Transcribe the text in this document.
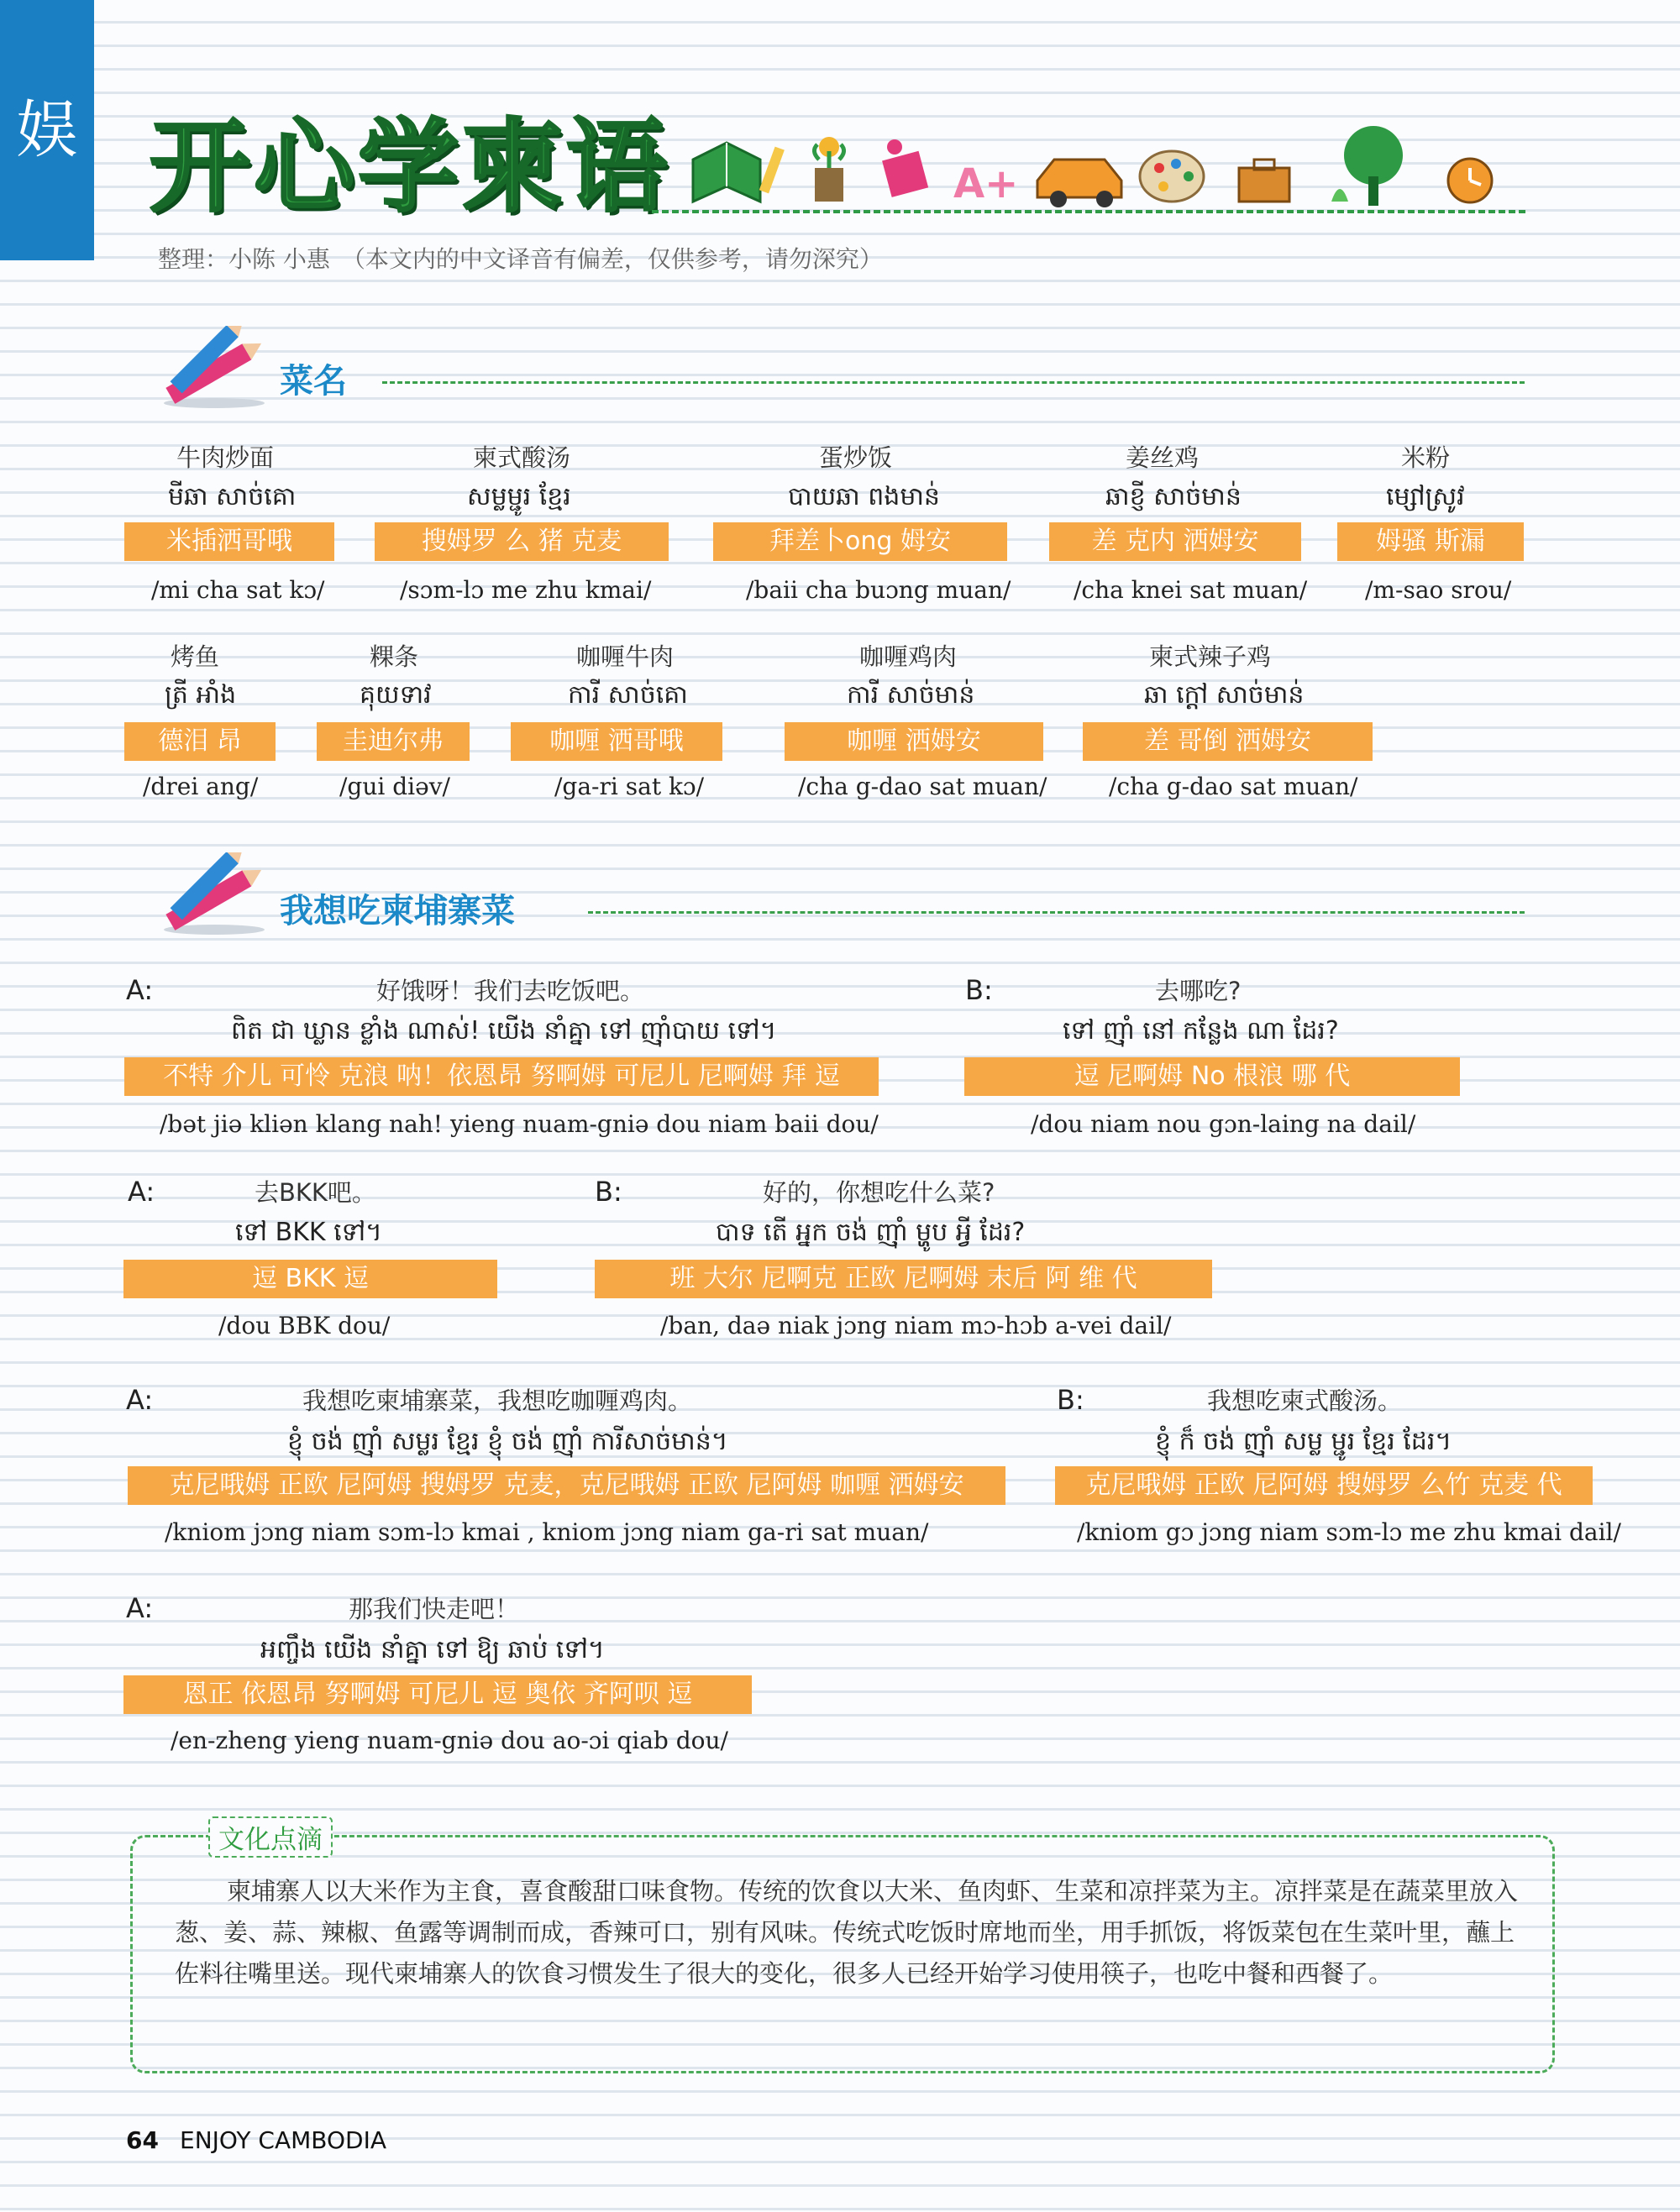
娱 开心学柬语	A+
整理：小陈 小惠　（本文内的中文译音有偏差，仅供参考，请勿深究）
菜名
牛肉炒面
មីឆា សាច់គោ
米插洒哥哦
/mi cha sat kɔ/
柬式酸汤
សម្លម្ជូរ ខ្មែរ
搜姆罗 么 猪 克麦
/sɔm-lɔ me zhu kmai/
蛋炒饭
បាយឆា ពងមាន់
拜差卜ong 姆安
/baii cha buɔng muan/
姜丝鸡
ឆាខ្ញី សាច់មាន់
差 克内 洒姆安
/cha knei sat muan/
米粉
ម្សៅស្រូវ
姆骚 斯漏
/m-sao srou/
烤鱼
ត្រី អាំង
德泪 昂
/drei ang/
粿条
គុយទាវ
圭迪尔弗
/gui diəv/
咖喱牛肉
ការី សាច់គោ
咖喱 洒哥哦
/ga-ri sat kɔ/
咖喱鸡肉
ការី សាច់មាន់
咖喱 洒姆安
/cha g-dao sat muan/
柬式辣子鸡
ឆា ក្តៅ សាច់មាន់
差 哥倒 洒姆安
/cha g-dao sat muan/
我想吃柬埔寨菜
A:	好饿呀！我们去吃饭吧。
ពិត ជា ឃ្លាន ខ្លាំង ណាស់! យើង នាំគ្នា ទៅ ញ៉ាំបាយ ទៅ។
不特 介儿 可怜 克浪 呐！依恩昂 努啊姆 可尼儿 尼啊姆 拜 逗
/bət jiə kliən klang nah! yieng nuam-gniə dou niam baii dou/
B:	去哪吃?
ទៅ ញ៉ាំ នៅ កន្លែង ណា ដែរ?
逗 尼啊姆 No 根浪 哪 代
/dou niam nou gɔn-laing na dail/
A:	去BKK吧。
ទៅ BKK ទៅ។
逗 BKK 逗
/dou BBK dou/
B:	好的，你想吃什么菜?
បាទ តើ អ្នក ចង់ ញ៉ាំ ម្ហូប អ្វី ដែរ?
班 大尔 尼啊克 正欧 尼啊姆 末后 阿 维 代
/ban, daə niak jɔng niam mɔ-hɔb a-vei dail/
A:	我想吃柬埔寨菜，我想吃咖喱鸡肉。
ខ្ញុំ ចង់ ញ៉ាំ សម្លរ ខ្មែរ ខ្ញុំ ចង់ ញ៉ាំ ការីសាច់មាន់។
克尼哦姆 正欧 尼阿姆 搜姆罗 克麦，克尼哦姆 正欧 尼阿姆 咖喱 洒姆安
/kniom jɔng niam sɔm-lɔ kmai , kniom jɔng niam ga-ri sat muan/
B:	我想吃柬式酸汤。
ខ្ញុំ ក៏ ចង់ ញ៉ាំ សម្ល ម្ជូរ ខ្មែរ ដែរ។
克尼哦姆 正欧 尼阿姆 搜姆罗 么竹 克麦 代
/kniom gɔ jɔng niam sɔm-lɔ me zhu kmai dail/
A:	那我们快走吧！
អញ្ចឹង យើង នាំគ្នា ទៅ ឱ្យ ឆាប់ ទៅ។
恩正 依恩昂 努啊姆 可尼儿 逗 奥依 齐阿呗 逗
/en-zheng yieng nuam-gniə dou ao-ɔi qiab dou/
文化点滴
柬埔寨人以大米作为主食，喜食酸甜口味食物。传统的饮食以大米、鱼肉虾、生菜和凉拌菜为主。凉拌菜是在蔬菜里放入葱、姜、蒜、辣椒、鱼露等调制而成，香辣可口，别有风味。传统式吃饭时席地而坐，用手抓饭，将饭菜包在生菜叶里，蘸上佐料往嘴里送。现代柬埔寨人的饮食习惯发生了很大的变化，很多人已经开始学习使用筷子，也吃中餐和西餐了。
64 ENJOY CAMBODIA
